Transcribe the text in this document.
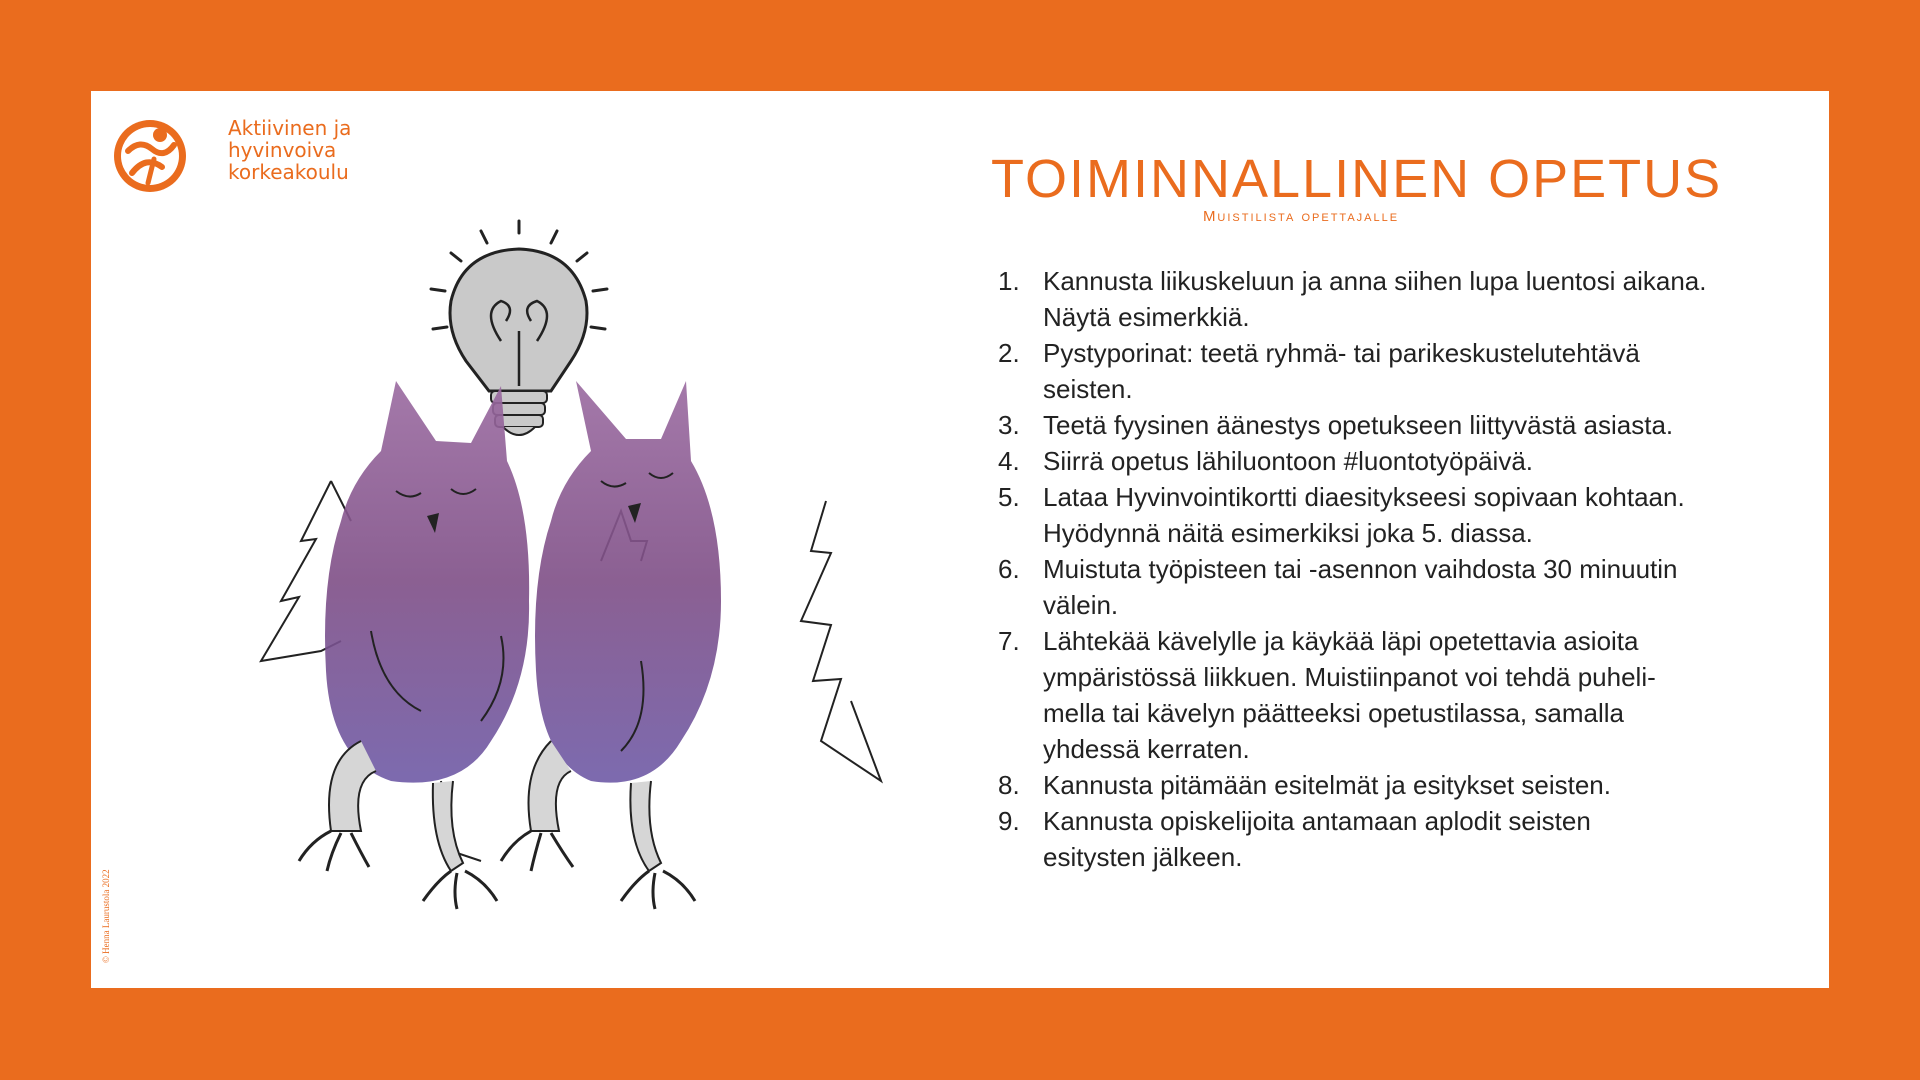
Aktiivinen ja
hyvinvoiva
korkeakoulu
© Henna Laurustola 2022
TOIMINNALLINEN OPETUS
Muistilista opettajalle
1. Kannusta liikuskeluun ja anna siihen lupa luentosi aikana.
Näytä esimerkkiä.
2. Pystyporinat: teetä ryhmä- tai parikeskustelutehtävä
seisten.
3. Teetä fyysinen äänestys opetukseen liittyvästä asiasta.
4. Siirrä opetus lähiluontoon #luontotyöpäivä.
5. Lataa Hyvinvointikortti diaesitykseesi sopivaan kohtaan.
Hyödynnä näitä esimerkiksi joka 5. diassa.
6. Muistuta työpisteen tai -asennon vaihdosta 30 minuutin
välein.
7. Lähtekää kävelylle ja käykää läpi opetettavia asioita
ympäristössä liikkuen. Muistiinpanot voi tehdä puheli-
mella tai kävelyn päätteeksi opetustilassa, samalla
yhdessä kerraten.
8. Kannusta pitämään esitelmät ja esitykset seisten.
9. Kannusta opiskelijoita antamaan aplodit seisten
esitysten jälkeen.
